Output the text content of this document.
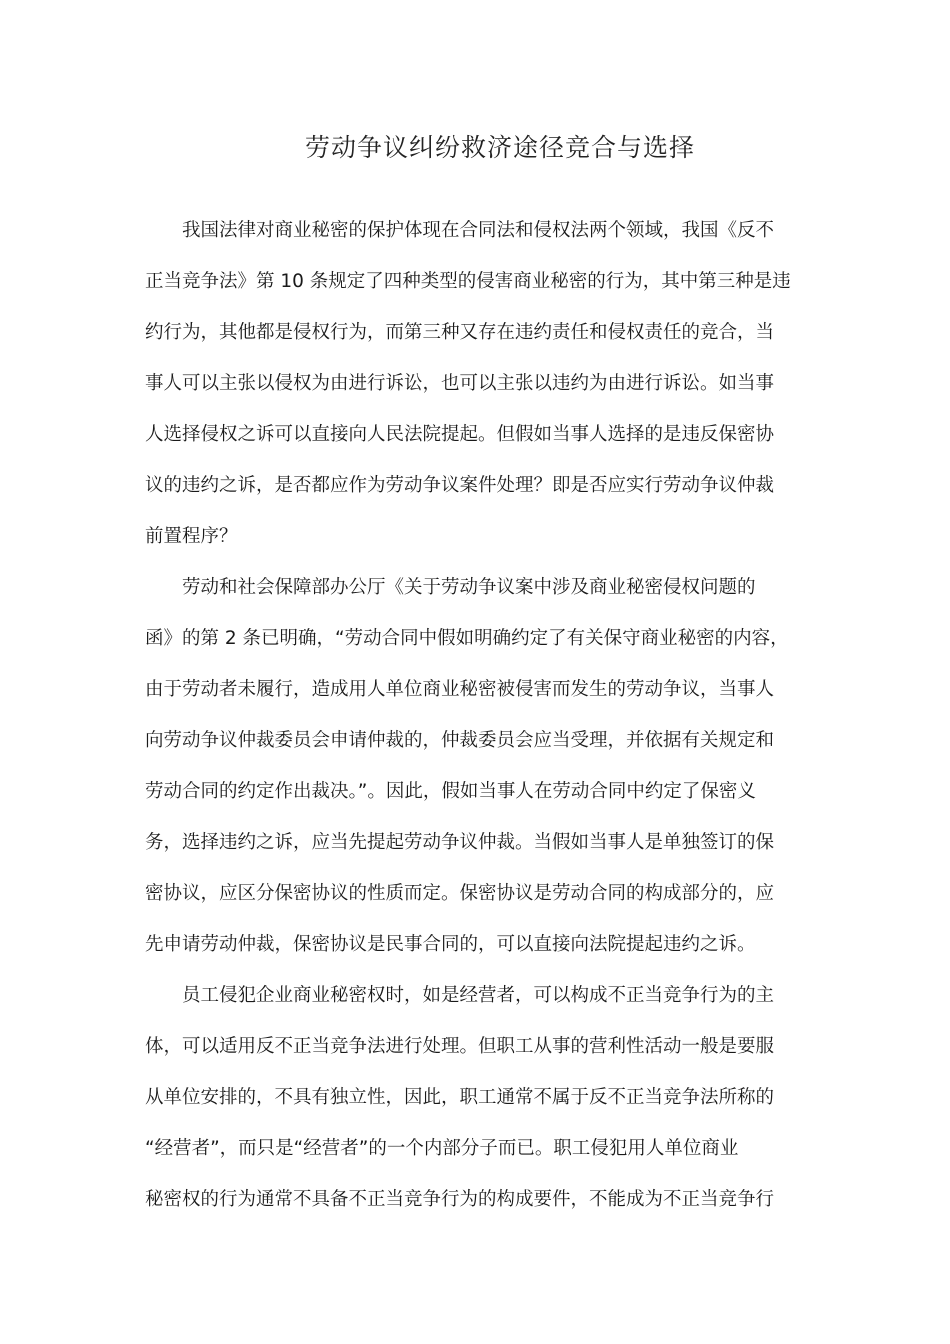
劳动争议纠纷救济途径竞合与选择

我国法律对商业秘密的保护体现在合同法和侵权法两个领域，我国《反不
正当竞争法》第 10 条规定了四种类型的侵害商业秘密的行为，其中第三种是违
约行为，其他都是侵权行为，而第三种又存在违约责任和侵权责任的竞合，当
事人可以主张以侵权为由进行诉讼，也可以主张以违约为由进行诉讼。如当事
人选择侵权之诉可以直接向人民法院提起。但假如当事人选择的是违反保密协
议的违约之诉，是否都应作为劳动争议案件处理？即是否应实行劳动争议仲裁
前置程序？

劳动和社会保障部办公厅《关于劳动争议案中涉及商业秘密侵权问题的
函》的第 2 条已明确，“劳动合同中假如明确约定了有关保守商业秘密的内容，
由于劳动者未履行，造成用人单位商业秘密被侵害而发生的劳动争议，当事人
向劳动争议仲裁委员会申请仲裁的，仲裁委员会应当受理，并依据有关规定和
劳动合同的约定作出裁决。”。因此，假如当事人在劳动合同中约定了保密义
务，选择违约之诉，应当先提起劳动争议仲裁。当假如当事人是单独签订的保
密协议，应区分保密协议的性质而定。保密协议是劳动合同的构成部分的，应
先申请劳动仲裁，保密协议是民事合同的，可以直接向法院提起违约之诉。

员工侵犯企业商业秘密权时，如是经营者，可以构成不正当竞争行为的主
体，可以适用反不正当竞争法进行处理。但职工从事的营利性活动一般是要服
从单位安排的，不具有独立性，因此，职工通常不属于反不正当竞争法所称的
“经营者”，而只是“经营者”的一个内部分子而已。职工侵犯用人单位商业
秘密权的行为通常不具备不正当竞争行为的构成要件，不能成为不正当竞争行
